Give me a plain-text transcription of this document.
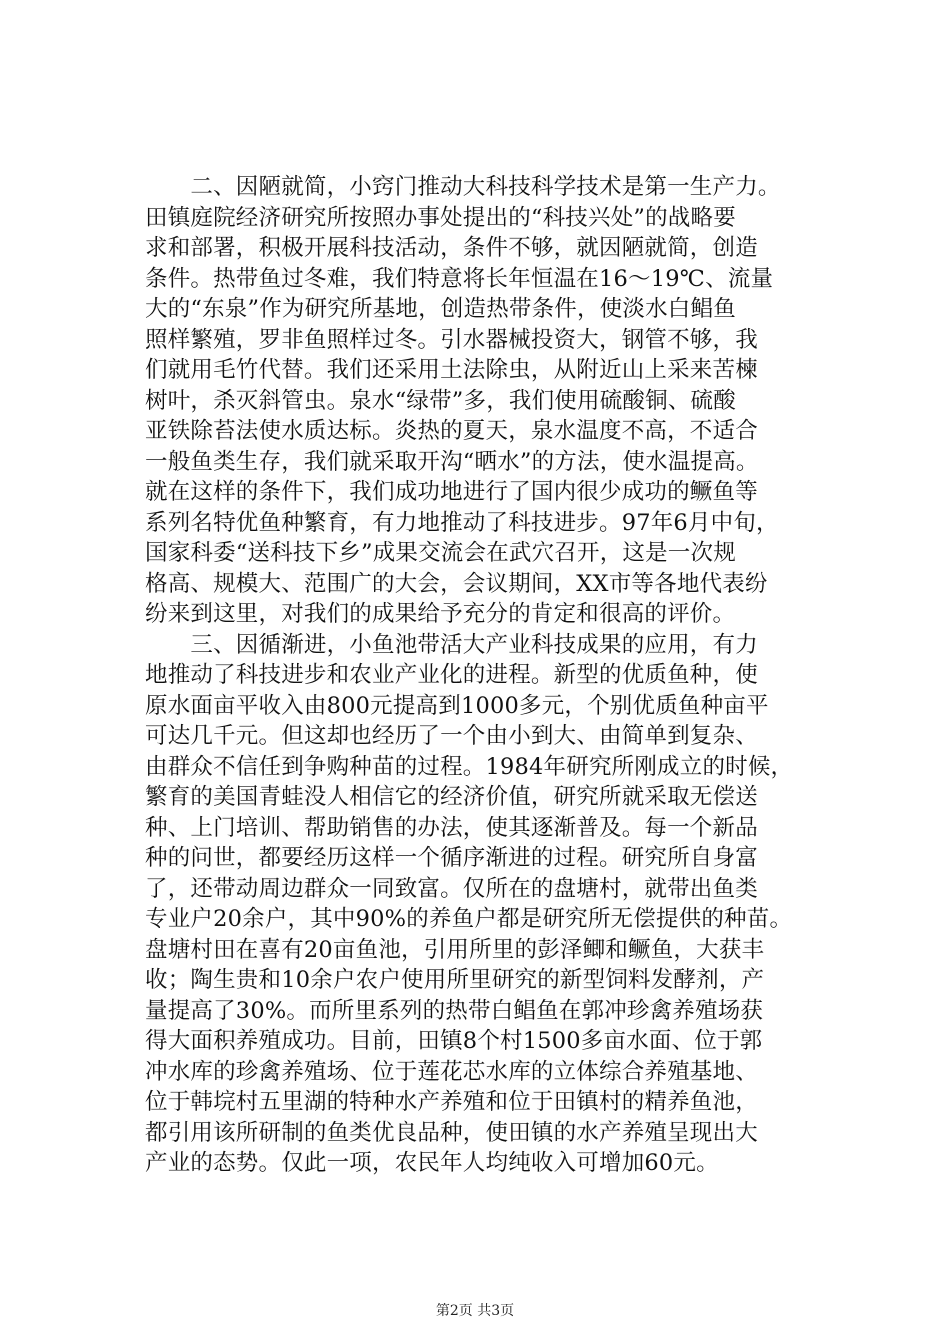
　　二、因陋就简，小窍门推动大科技科学技术是第一生产力。
田镇庭院经济研究所按照办事处提出的“科技兴处”的战略要
求和部署，积极开展科技活动，条件不够，就因陋就简，创造
条件。热带鱼过冬难，我们特意将长年恒温在16～19℃、流量
大的“东泉”作为研究所基地，创造热带条件，使淡水白鲳鱼
照样繁殖，罗非鱼照样过冬。引水器械投资大，钢管不够，我
们就用毛竹代替。我们还采用土法除虫，从附近山上采来苦楝
树叶，杀灭斜管虫。泉水“绿带”多，我们使用硫酸铜、硫酸
亚铁除苔法使水质达标。炎热的夏天，泉水温度不高，不适合
一般鱼类生存，我们就采取开沟“晒水”的方法，使水温提高。
就在这样的条件下，我们成功地进行了国内很少成功的鳜鱼等
系列名特优鱼种繁育，有力地推动了科技进步。97年6月中旬，
国家科委“送科技下乡”成果交流会在武穴召开，这是一次规
格高、规模大、范围广的大会，会议期间，XX市等各地代表纷
纷来到这里，对我们的成果给予充分的肯定和很高的评价。
　　三、因循渐进，小鱼池带活大产业科技成果的应用，有力
地推动了科技进步和农业产业化的进程。新型的优质鱼种，使
原水面亩平收入由800元提高到1000多元，个别优质鱼种亩平
可达几千元。但这却也经历了一个由小到大、由简单到复杂、
由群众不信任到争购种苗的过程。1984年研究所刚成立的时候，
繁育的美国青蛙没人相信它的经济价值，研究所就采取无偿送
种、上门培训、帮助销售的办法，使其逐渐普及。每一个新品
种的问世，都要经历这样一个循序渐进的过程。研究所自身富
了，还带动周边群众一同致富。仅所在的盘塘村，就带出鱼类
专业户20余户，其中90%的养鱼户都是研究所无偿提供的种苗。
盘塘村田在喜有20亩鱼池，引用所里的彭泽鲫和鳜鱼，大获丰
收；陶生贵和10余户农户使用所里研究的新型饲料发酵剂，产
量提高了30%。而所里系列的热带白鲳鱼在郭冲珍禽养殖场获
得大面积养殖成功。目前，田镇8个村1500多亩水面、位于郭
冲水库的珍禽养殖场、位于莲花芯水库的立体综合养殖基地、
位于韩垸村五里湖的特种水产养殖和位于田镇村的精养鱼池，
都引用该所研制的鱼类优良品种，使田镇的水产养殖呈现出大
产业的态势。仅此一项，农民年人均纯收入可增加60元。
第2页 共3页
